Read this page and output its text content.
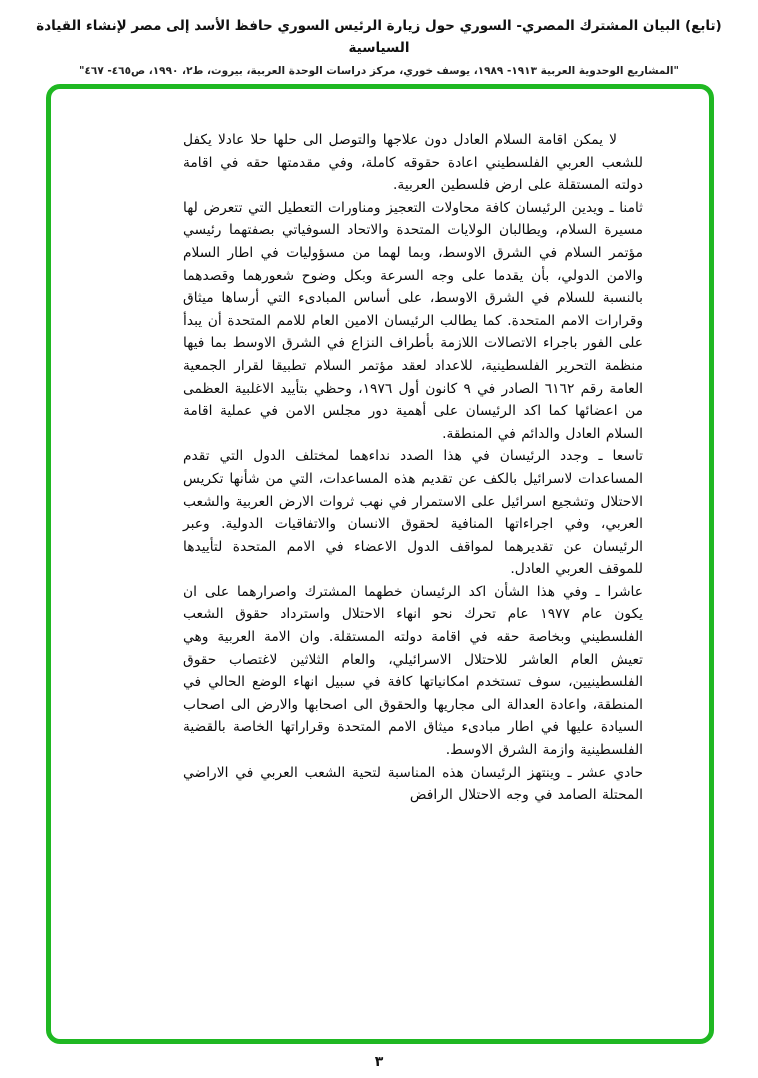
(تابع) البيان المشترك المصري- السوري حول زيارة الرئيس السوري حافظ الأسد إلى مصر لإنشاء القيادة السياسية
"المشاريع الوحدوية العربية ١٩١٣- ١٩٨٩، يوسف خوري، مركز دراسات الوحدة العربية، بيروت، ط٢، ١٩٩٠، ص٤٦٥- ٤٦٧"

لا يمكن اقامة السلام العادل دون علاجها والتوصل الى حلها حلا عادلا يكفل للشعب العربي الفلسطيني اعادة حقوقه كاملة، وفي مقدمتها حقه في اقامة دولته المستقلة على ارض فلسطين العربية.

ثامنا ـ ويدين الرئيسان كافة محاولات التعجيز ومناورات التعطيل التي تتعرض لها مسيرة السلام، ويطالبان الولايات المتحدة والاتحاد السوفياتي بصفتهما رئيسي مؤتمر السلام في الشرق الاوسط، وبما لهما من مسؤوليات في اطار السلام والامن الدولي، بأن يقدما على وجه السرعة وبكل وضوح شعورهما وقصدهما بالنسبة للسلام في الشرق الاوسط، على أساس المبادىء التي أرساها ميثاق وقرارات الامم المتحدة. كما يطالب الرئيسان الامين العام للامم المتحدة أن يبدأ على الفور باجراء الاتصالات اللازمة بأطراف النزاع في الشرق الاوسط بما فيها منظمة التحرير الفلسطينية، للاعداد لعقد مؤتمر السلام تطبيقا لقرار الجمعية العامة رقم ٦١٦٢ الصادر في ٩ كانون أول ١٩٧٦، وحظي بتأييد الاغلبية العظمى من اعضائها كما اكد الرئيسان على أهمية دور مجلس الامن في عملية اقامة السلام العادل والدائم في المنطقة.

تاسعا ـ وجدد الرئيسان في هذا الصدد نداءهما لمختلف الدول التي تقدم المساعدات لاسرائيل بالكف عن تقديم هذه المساعدات، التي من شأنها تكريس الاحتلال وتشجيع اسرائيل على الاستمرار في نهب ثروات الارض العربية والشعب العربي، وفي اجراءاتها المنافية لحقوق الانسان والاتفاقيات الدولية. وعبر الرئيسان عن تقديرهما لمواقف الدول الاعضاء في الامم المتحدة لتأييدها للموقف العربي العادل.

عاشرا ـ وفي هذا الشأن اكد الرئيسان خطهما المشترك واصرارهما على ان يكون عام ١٩٧٧ عام تحرك نحو انهاء الاحتلال واسترداد حقوق الشعب الفلسطيني وبخاصة حقه في اقامة دولته المستقلة. وان الامة العربية وهي تعيش العام العاشر للاحتلال الاسرائيلي، والعام الثلاثين لاغتصاب حقوق الفلسطينيين، سوف تستخدم امكانياتها كافة في سبيل انهاء الوضع الحالي في المنطقة، واعادة العدالة الى مجاريها والحقوق الى اصحابها والارض الى اصحاب السيادة عليها في اطار مبادىء ميثاق الامم المتحدة وقراراتها الخاصة بالقضية الفلسطينية وازمة الشرق الاوسط.

حادي عشر ـ وينتهز الرئيسان هذه المناسبة لتحية الشعب العربي في الاراضي المحتلة الصامد في وجه الاحتلال الرافض

٣
